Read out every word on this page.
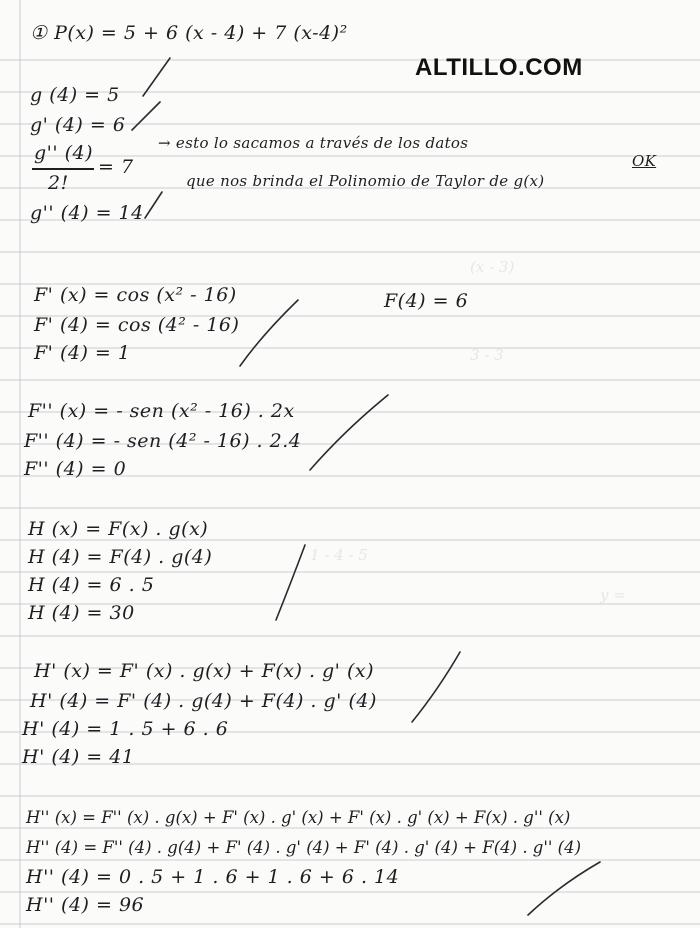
(x - 3)
3 - 3
1 - 4 - 5
y =
ALTILLO.COM
① P(x) = 5 + 6 (x - 4) + 7 (x-4)²
g (4) = 5
g' (4) = 6
g'' (4)
2!
= 7
g'' (4) = 14
→ esto lo sacamos a través de los datos
que nos brinda el Polinomio de Taylor de g(x)
OK
F' (x) = cos (x² - 16)
F' (4) = cos (4² - 16)
F' (4) = 1
F(4) = 6
F'' (x) = - sen (x² - 16) . 2x
F'' (4) = - sen (4² - 16) . 2.4
F'' (4) = 0
H (x) = F(x) . g(x)
H (4) = F(4) . g(4)
H (4) = 6 . 5
H (4) = 30
H' (x) = F' (x) . g(x) + F(x) . g' (x)
H' (4) = F' (4) . g(4) + F(4) . g' (4)
H' (4) = 1 . 5 + 6 . 6
H' (4) = 41
H'' (x) = F'' (x) . g(x) + F' (x) . g' (x) + F' (x) . g' (x) + F(x) . g'' (x)
H'' (4) = F'' (4) . g(4) + F' (4) . g' (4) + F' (4) . g' (4) + F(4) . g'' (4)
H'' (4) = 0 . 5 + 1 . 6 + 1 . 6 + 6 . 14
H'' (4) = 96
